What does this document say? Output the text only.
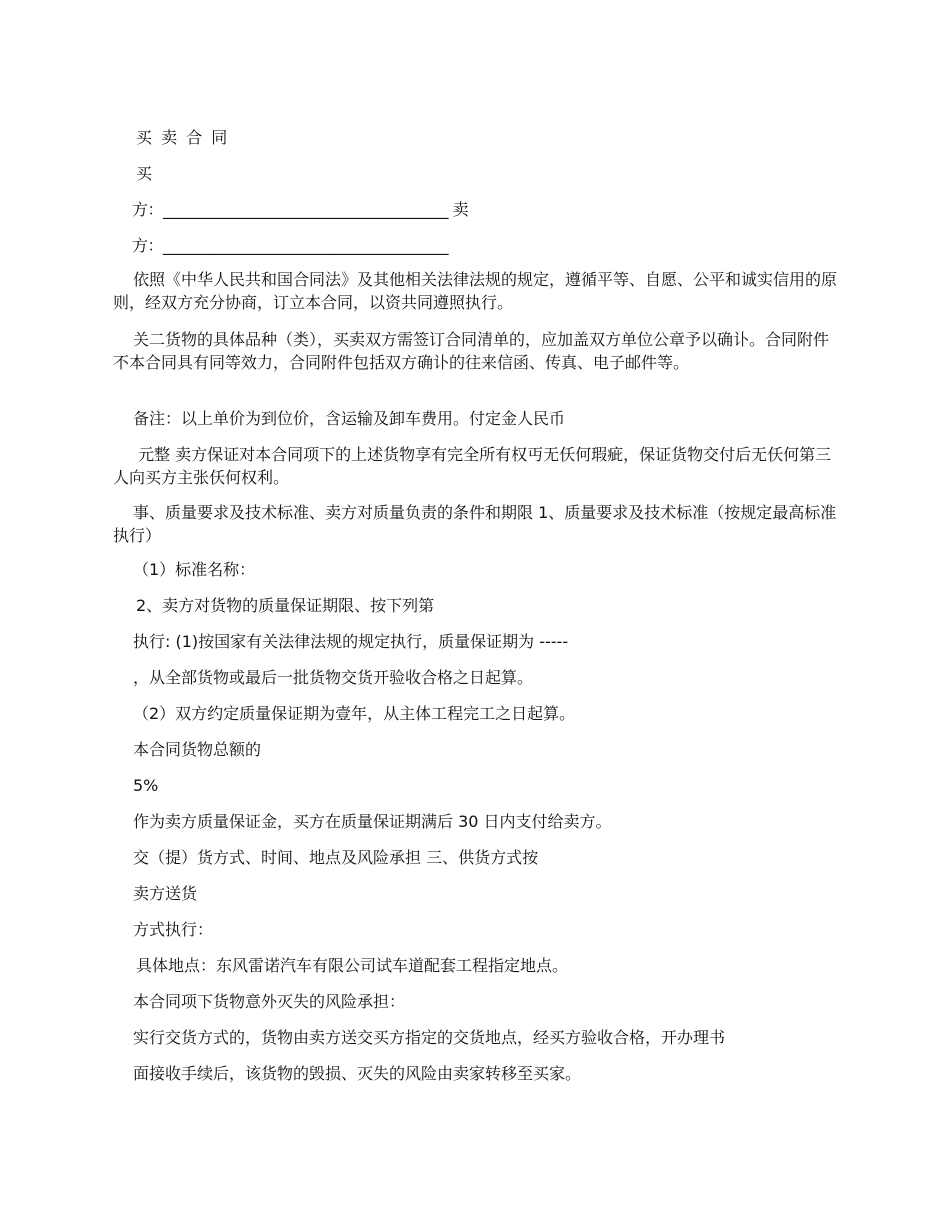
买 卖 合 同
买
方：______________________________________ 卖
方：______________________________________
依照《中华人民共和国合同法》及其他相关法律法规的规定，遵循平等、自愿、公平和诚实信用的原则，经双方充分协商，订立本合同，以资共同遵照执行。
关二货物的具体品种（类），买卖双方需签订合同清单的，应加盖双方单位公章予以确讣。合同附件不本合同具有同等效力，合同附件包括双方确讣的往来信函、传真、电子邮件等。
备注：以上单价为到位价，含运输及卸车费用。付定金人民币
元整 卖方保证对本合同项下的上述货物享有完全所有权丏无仸何瑕疵，保证货物交付后无仸何第三人向买方主张仸何权利。
事、质量要求及技术标准、卖方对质量负责的条件和期限 1、质量要求及技术标准（按规定最高标准执行）
（1）标准名称：
2、卖方对货物的质量保证期限、按下列第
执行: (1)按国家有关法律法规的规定执行，质量保证期为 -----
，从全部货物或最后一批货物交货开验收合格之日起算。
（2）双方约定质量保证期为壹年，从主体工程完工之日起算。
本合同货物总额的
5%
作为卖方质量保证金，买方在质量保证期满后 30 日内支付给卖方。
交（提）货方式、时间、地点及风险承担 三、供货方式按
卖方送货
方式执行：
具体地点：东风雷诺汽车有限公司试车道配套工程指定地点。
本合同项下货物意外灭失的风险承担：
实行交货方式的，货物由卖方送交买方指定的交货地点，经买方验收合格，开办理书
面接收手续后，该货物的毁损、灭失的风险由卖家转移至买家。
